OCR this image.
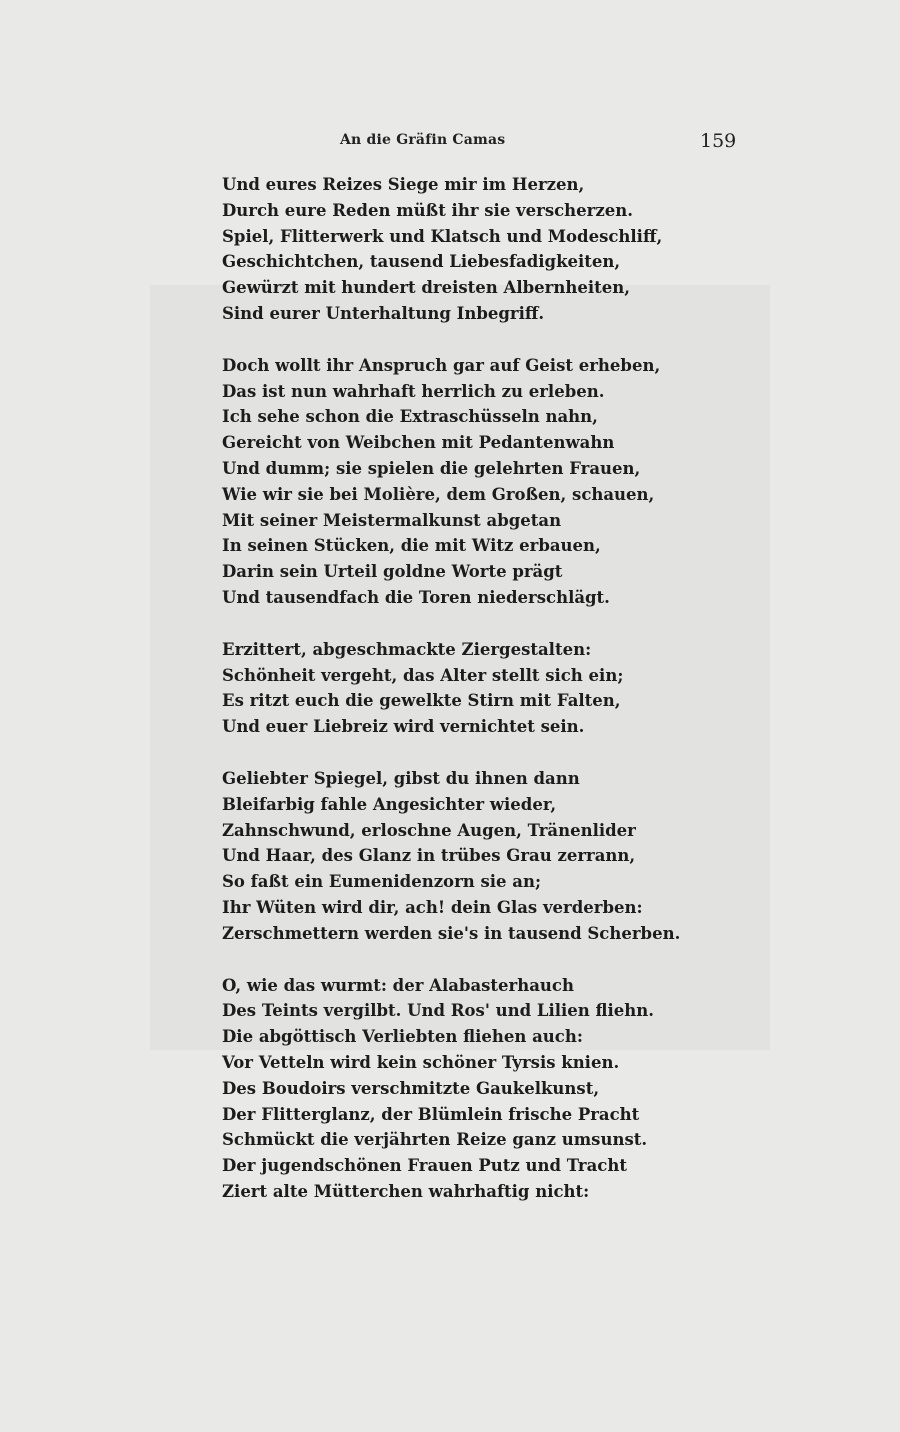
An die Gräfin Camas	159
Und eures Reizes Siege mir im Herzen,
Durch eure Reden müßt ihr sie verscherzen.
Spiel, Flitterwerk und Klatsch und Modeschliff,
Geschichtchen, tausend Liebesfadigkeiten,
Gewürzt mit hundert dreisten Albernheiten,
Sind eurer Unterhaltung Inbegriff.
Doch wollt ihr Anspruch gar auf Geist erheben,
Das ist nun wahrhaft herrlich zu erleben.
Ich sehe schon die Extraschüsseln nahn,
Gereicht von Weibchen mit Pedantenwahn
Und dumm; sie spielen die gelehrten Frauen,
Wie wir sie bei Molière, dem Großen, schauen,
Mit seiner Meistermalkunst abgetan
In seinen Stücken, die mit Witz erbauen,
Darin sein Urteil goldne Worte prägt
Und tausendfach die Toren niederschlägt.
Erzittert, abgeschmackte Ziergestalten:
Schönheit vergeht, das Alter stellt sich ein;
Es ritzt euch die gewelkte Stirn mit Falten,
Und euer Liebreiz wird vernichtet sein.
Geliebter Spiegel, gibst du ihnen dann
Bleifarbig fahle Angesichter wieder,
Zahnschwund, erloschne Augen, Tränenlider
Und Haar, des Glanz in trübes Grau zerrann,
So faßt ein Eumenidenzorn sie an;
Ihr Wüten wird dir, ach! dein Glas verderben:
Zerschmettern werden sie's in tausend Scherben.
O, wie das wurmt: der Alabasterhauch
Des Teints vergilbt. Und Ros' und Lilien fliehn.
Die abgöttisch Verliebten fliehen auch:
Vor Vetteln wird kein schöner Tyrsis knien.
Des Boudoirs verschmitzte Gaukelkunst,
Der Flitterglanz, der Blümlein frische Pracht
Schmückt die verjährten Reize ganz umsunst.
Der jugendschönen Frauen Putz und Tracht
Ziert alte Mütterchen wahrhaftig nicht:
